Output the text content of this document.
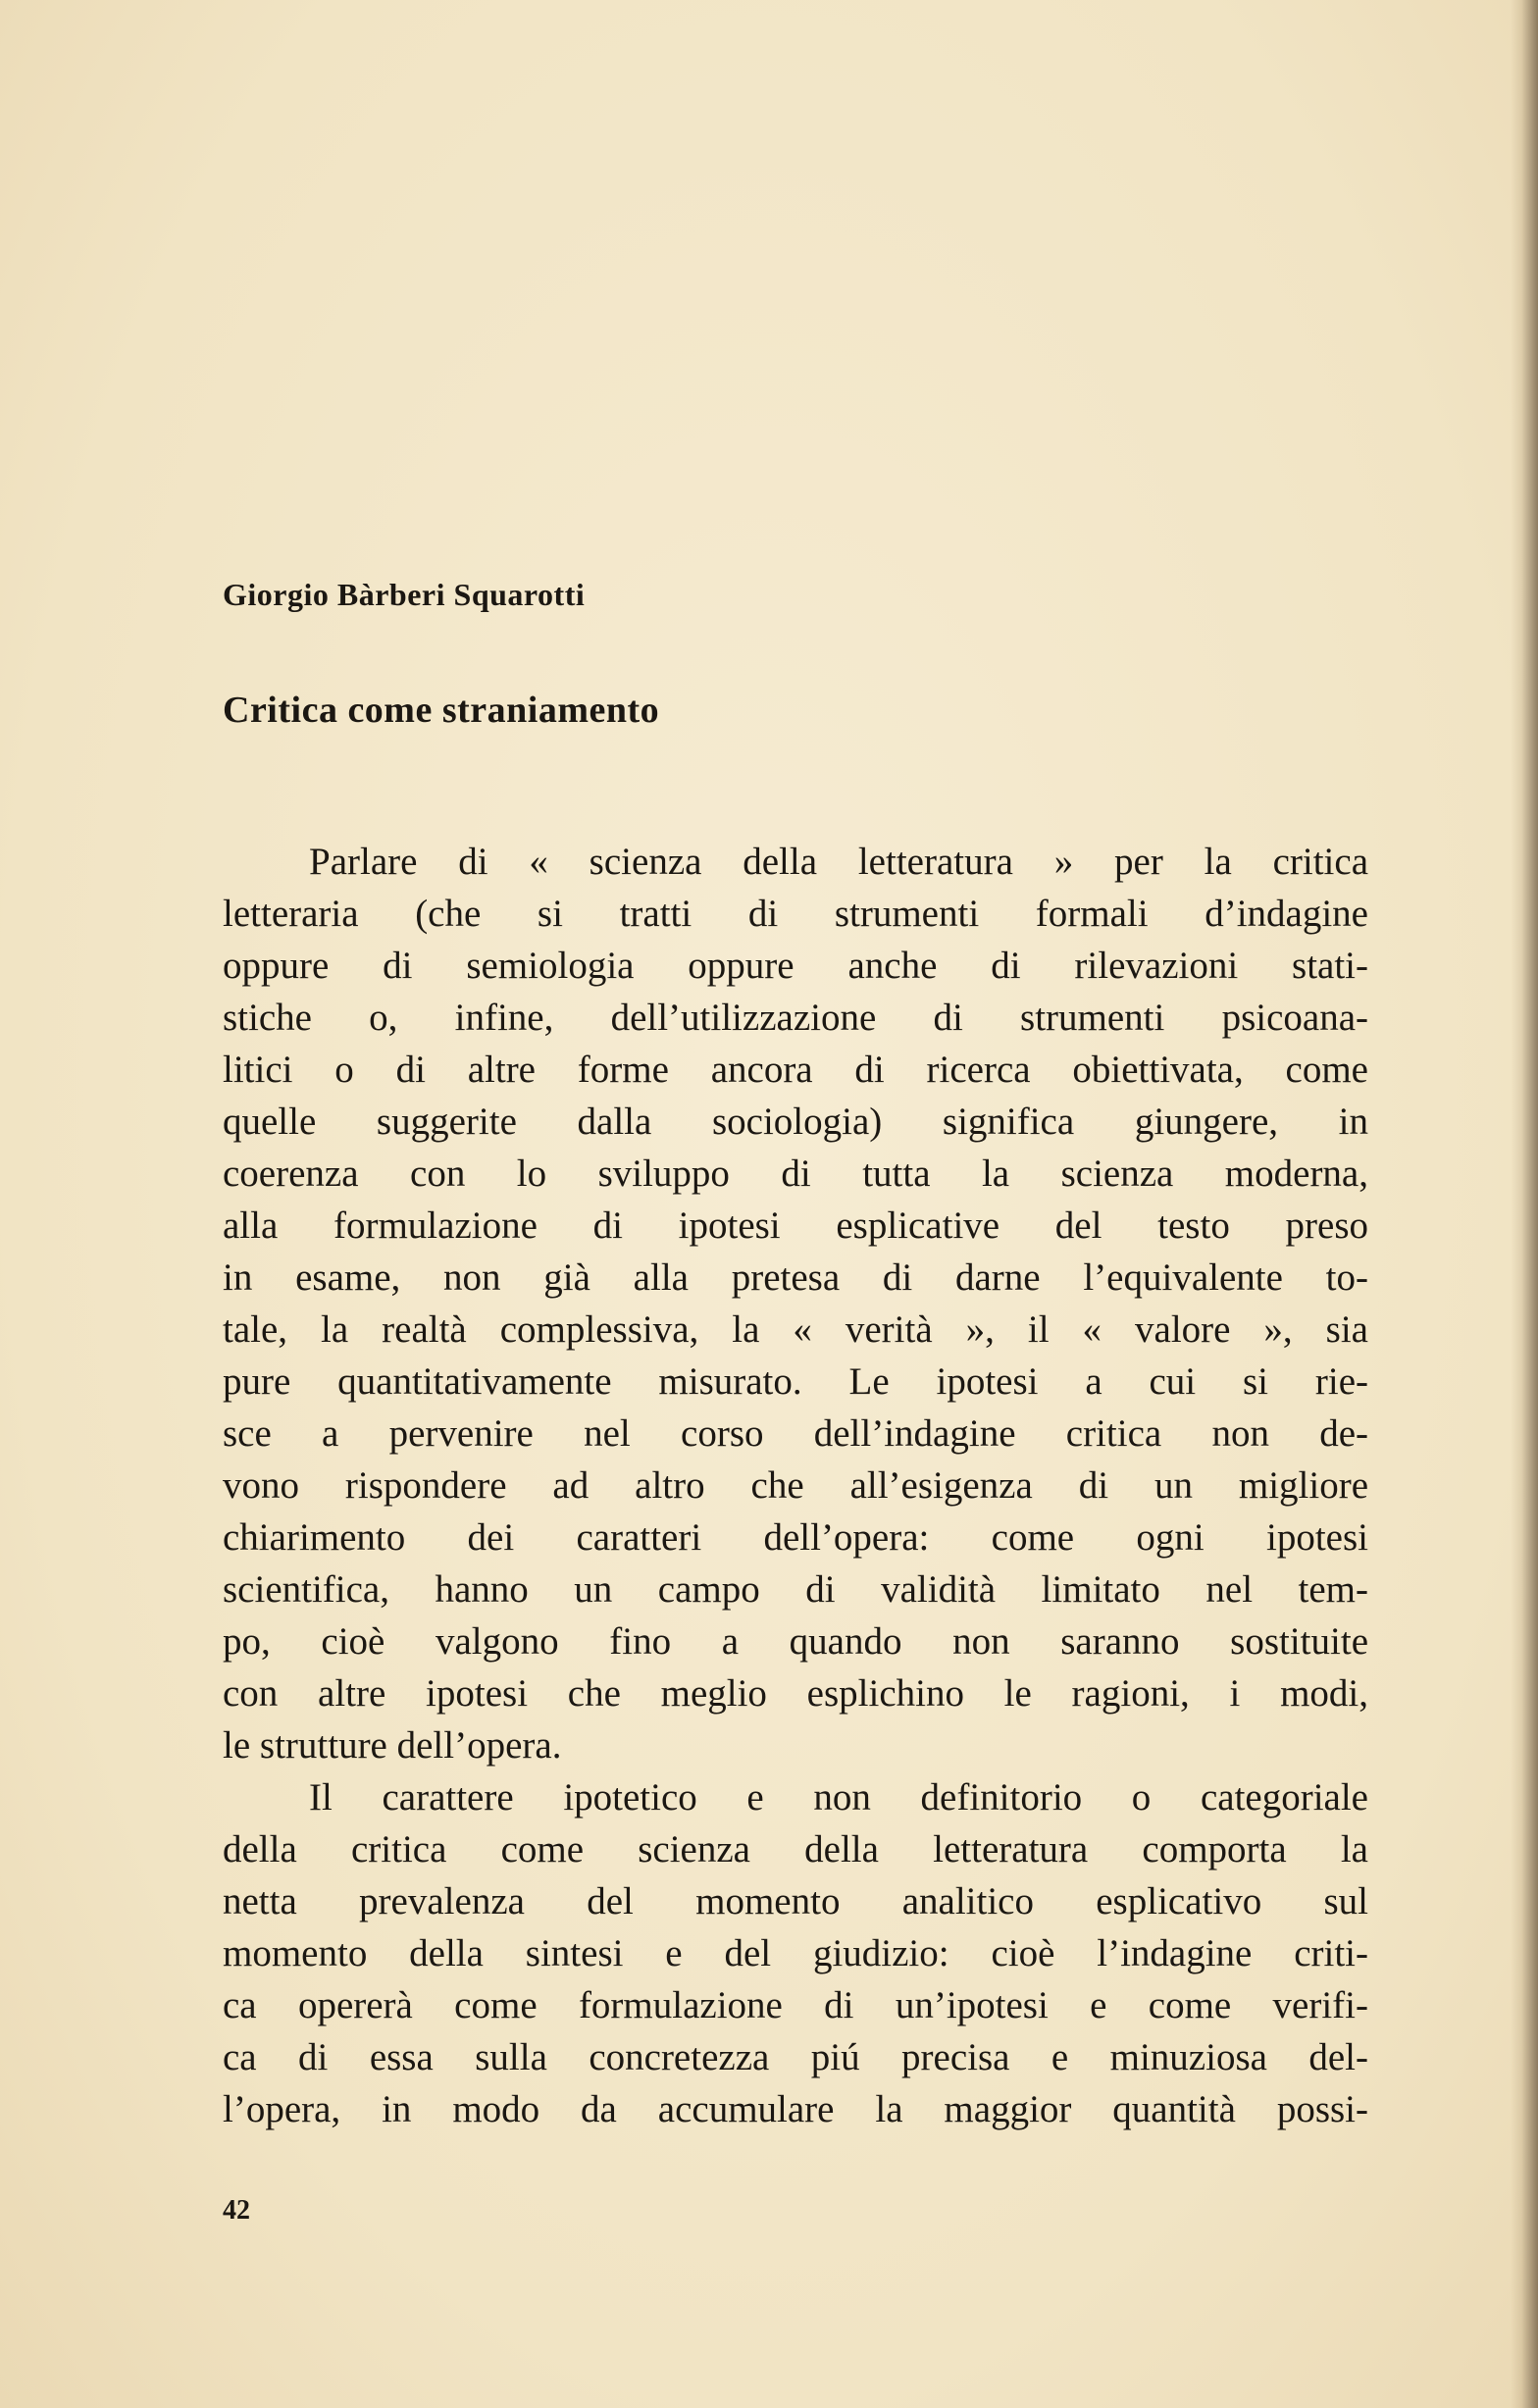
Giorgio Bàrberi Squarotti
Critica come straniamento
Parlare di « scienza della letteratura » per la critica
letteraria (che si tratti di strumenti formali d’indagine
oppure di semiologia oppure anche di rilevazioni stati-
stiche o, infine, dell’utilizzazione di strumenti psicoana-
litici o di altre forme ancora di ricerca obiettivata, come
quelle suggerite dalla sociologia) significa giungere, in
coerenza con lo sviluppo di tutta la scienza moderna,
alla formulazione di ipotesi esplicative del testo preso
in esame, non già alla pretesa di darne l’equivalente to-
tale, la realtà complessiva, la « verità », il « valore », sia
pure quantitativamente misurato. Le ipotesi a cui si rie-
sce a pervenire nel corso dell’indagine critica non de-
vono rispondere ad altro che all’esigenza di un migliore
chiarimento dei caratteri dell’opera: come ogni ipotesi
scientifica, hanno un campo di validità limitato nel tem-
po, cioè valgono fino a quando non saranno sostituite
con altre ipotesi che meglio esplichino le ragioni, i modi,
le strutture dell’opera.
Il carattere ipotetico e non definitorio o categoriale
della critica come scienza della letteratura comporta la
netta prevalenza del momento analitico esplicativo sul
momento della sintesi e del giudizio: cioè l’indagine criti-
ca opererà come formulazione di un’ipotesi e come verifi-
ca di essa sulla concretezza piú precisa e minuziosa del-
l’opera, in modo da accumulare la maggior quantità possi-
42
